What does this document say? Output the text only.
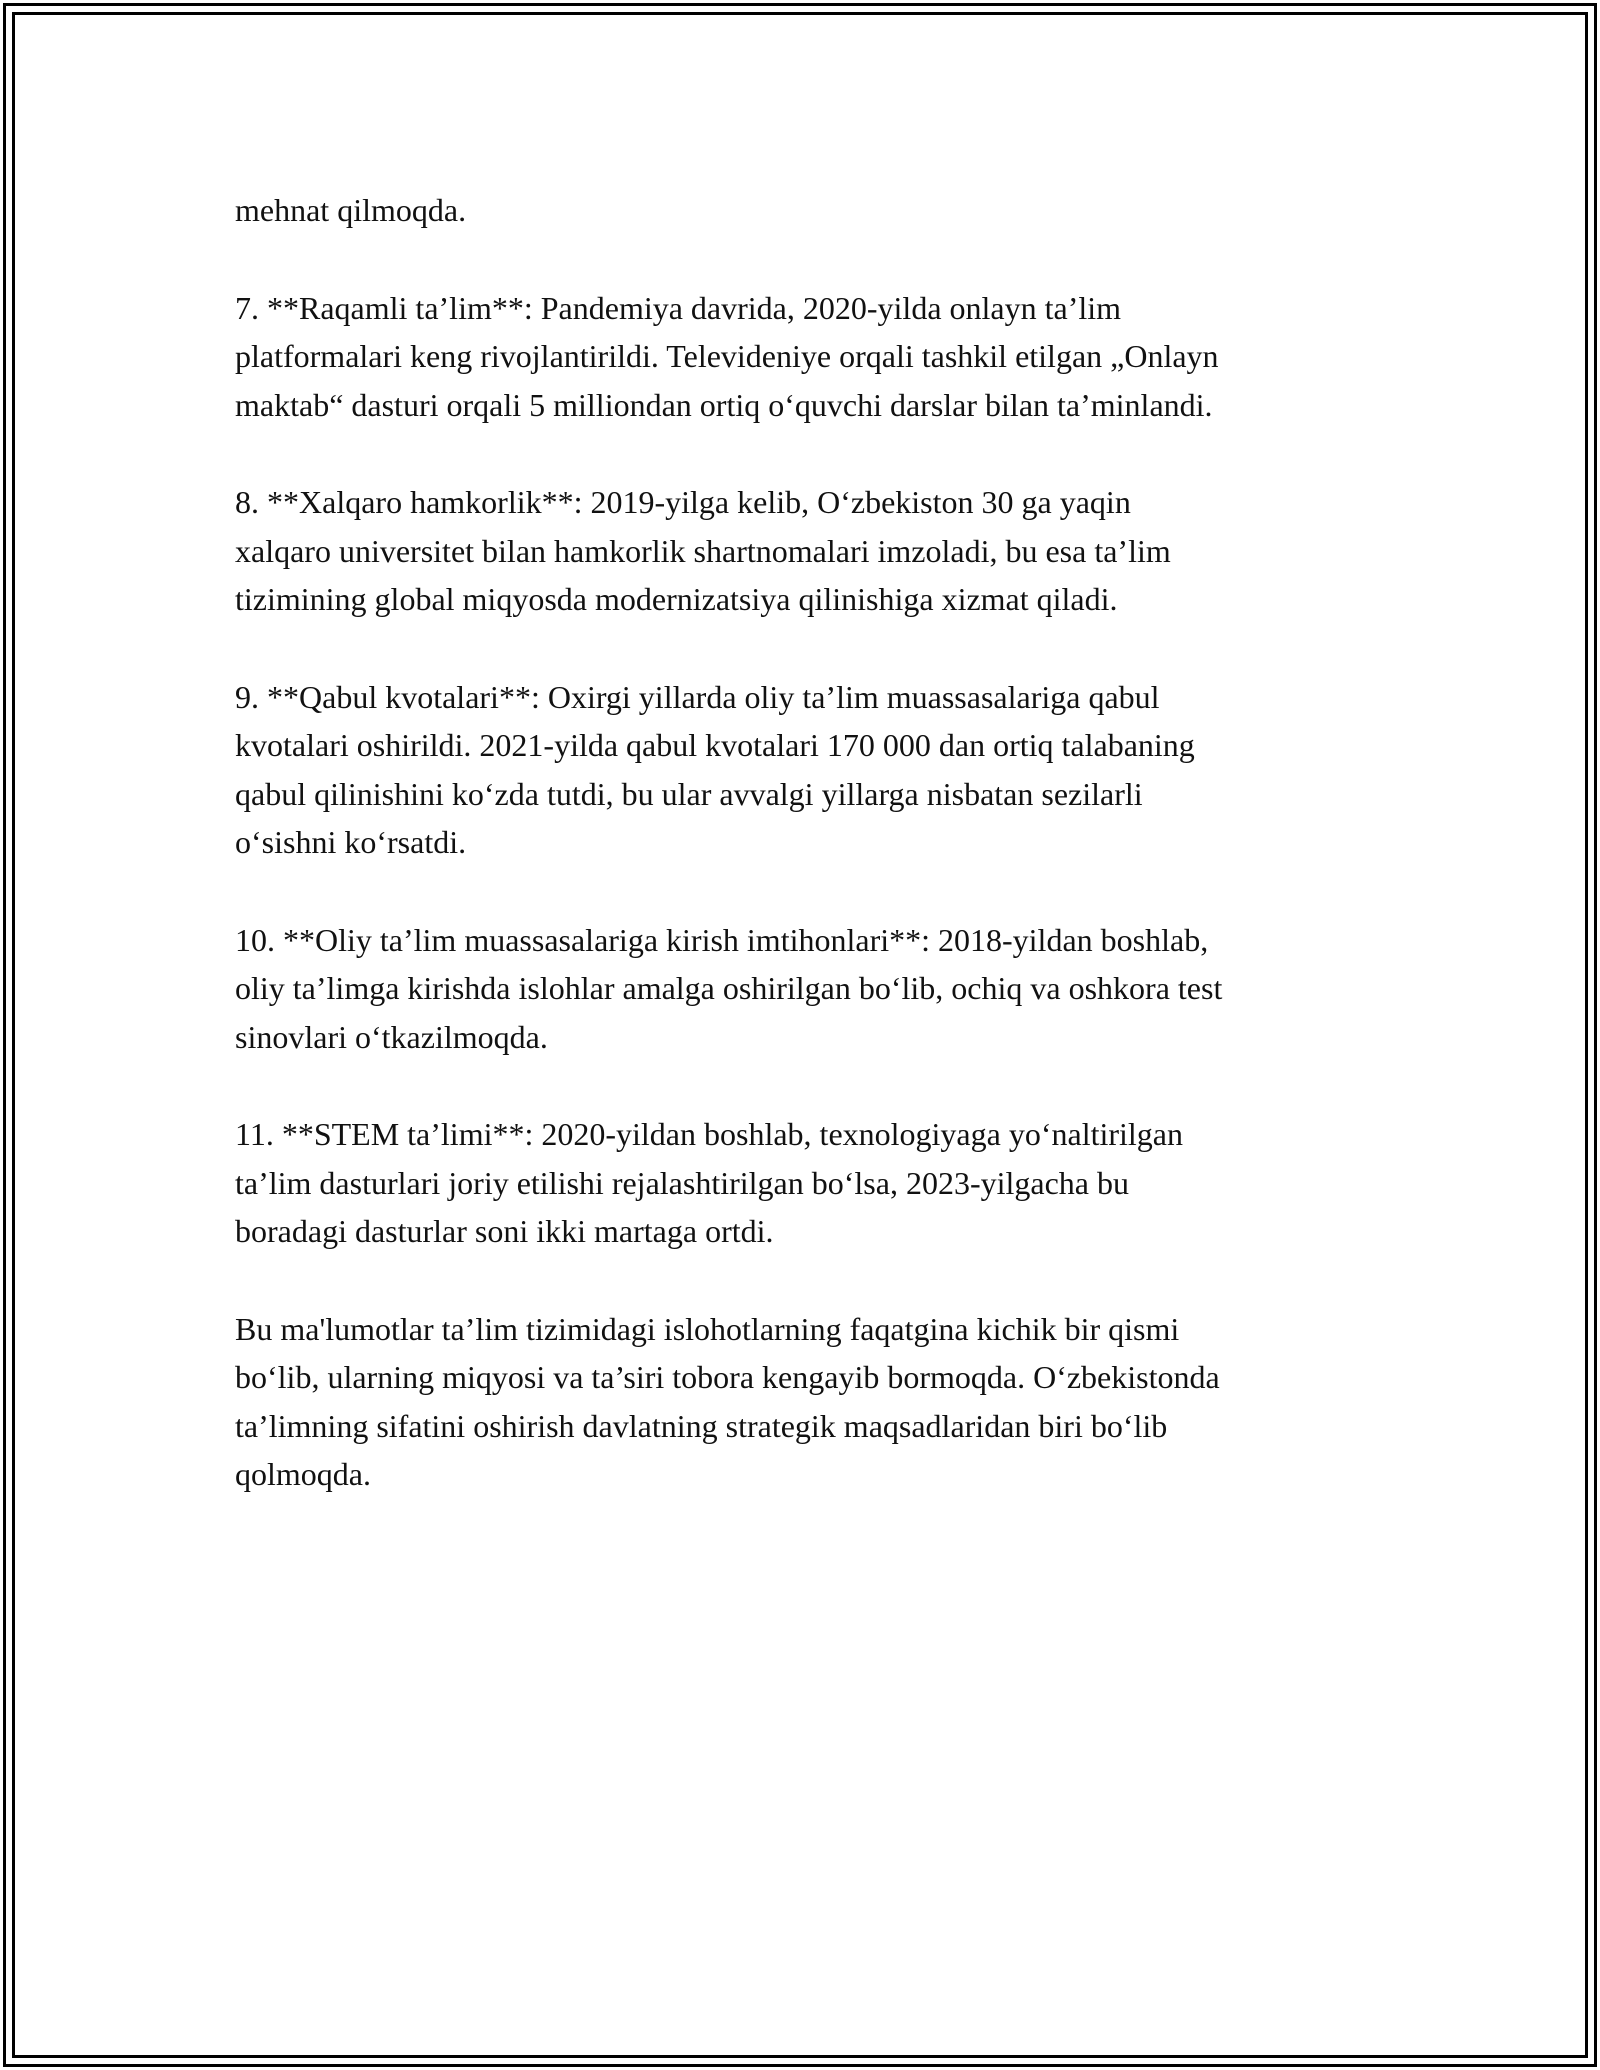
mehnat qilmoqda.

7. **Raqamli ta’lim**: Pandemiya davrida, 2020-yilda onlayn ta’lim
platformalari keng rivojlantirildi. Televideniye orqali tashkil etilgan „Onlayn
maktab“ dasturi orqali 5 milliondan ortiq o‘quvchi darslar bilan ta’minlandi.

8. **Xalqaro hamkorlik**: 2019-yilga kelib, O‘zbekiston 30 ga yaqin
xalqaro universitet bilan hamkorlik shartnomalari imzoladi, bu esa ta’lim
tizimining global miqyosda modernizatsiya qilinishiga xizmat qiladi.

9. **Qabul kvotalari**: Oxirgi yillarda oliy ta’lim muassasalariga qabul
kvotalari oshirildi. 2021-yilda qabul kvotalari 170 000 dan ortiq talabaning
qabul qilinishini ko‘zda tutdi, bu ular avvalgi yillarga nisbatan sezilarli
o‘sishni ko‘rsatdi.

10. **Oliy ta’lim muassasalariga kirish imtihonlari**: 2018-yildan boshlab,
oliy ta’limga kirishda islohlar amalga oshirilgan bo‘lib, ochiq va oshkora test
sinovlari o‘tkazilmoqda.

11. **STEM ta’limi**: 2020-yildan boshlab, texnologiyaga yo‘naltirilgan
ta’lim dasturlari joriy etilishi rejalashtirilgan bo‘lsa, 2023-yilgacha bu
boradagi dasturlar soni ikki martaga ortdi.

Bu ma'lumotlar ta’lim tizimidagi islohotlarning faqatgina kichik bir qismi
bo‘lib, ularning miqyosi va ta’siri tobora kengayib bormoqda. O‘zbekistonda
ta’limning sifatini oshirish davlatning strategik maqsadlaridan biri bo‘lib
qolmoqda.
